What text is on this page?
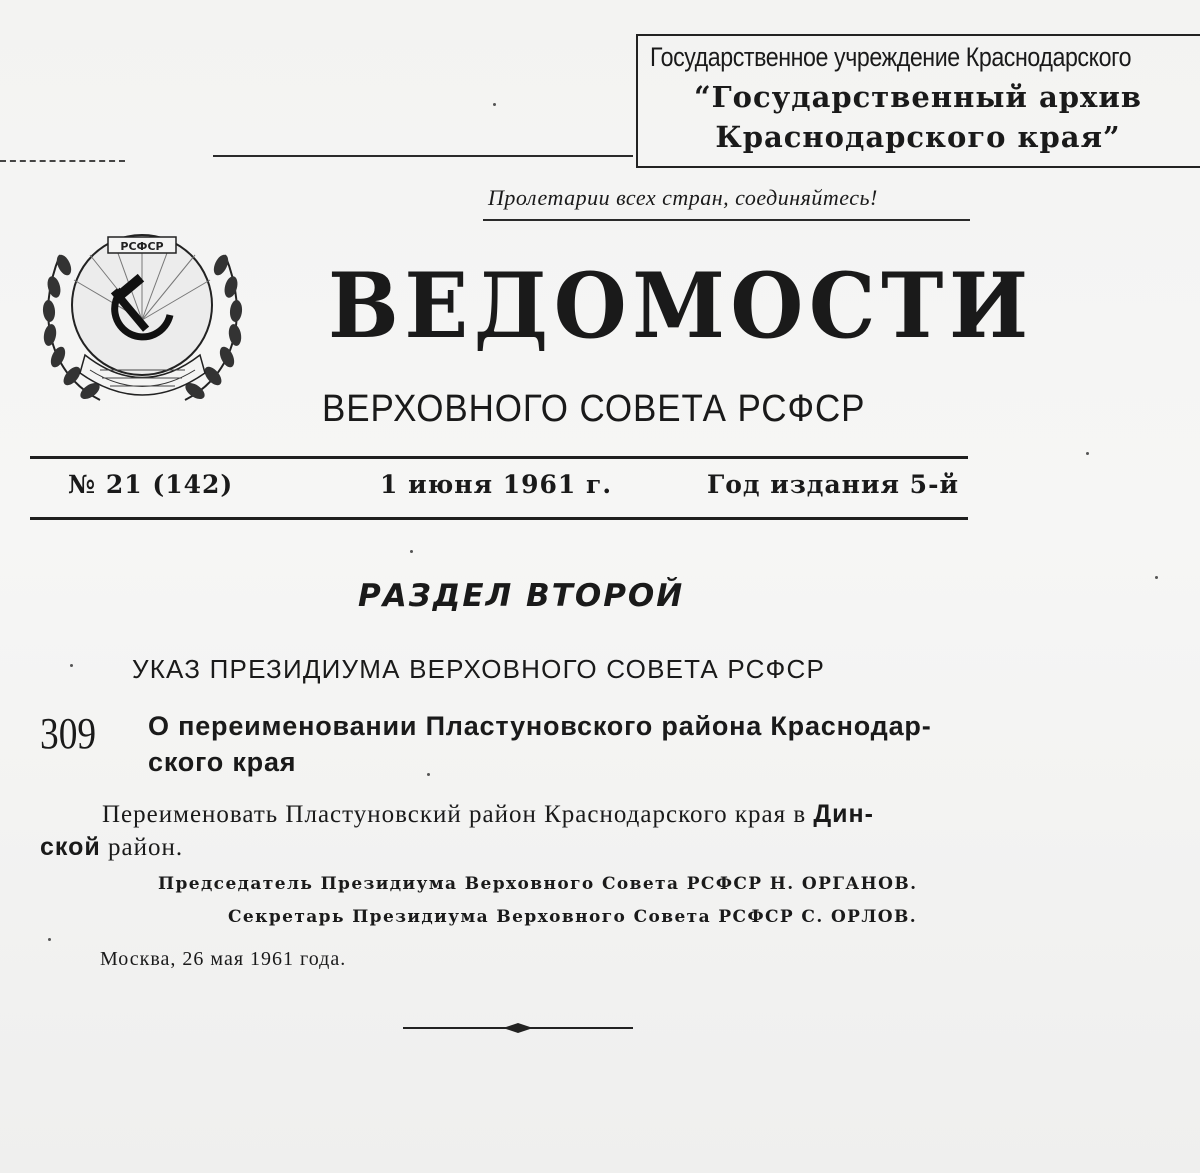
Государственное учреждение Краснодарского
“Государственный архив
Краснодарского края”
Пролетарии всех стран, соединяйтесь!
РСФСР
ВЕДОМОСТИ
ВЕРХОВНОГО СОВЕТА РСФСР
№ 21 (142)	1 июня 1961 г.	Год издания 5-й
РАЗДЕЛ ВТОРОЙ
УКАЗ ПРЕЗИДИУМА ВЕРХОВНОГО СОВЕТА РСФСР
309 О переименовании Пластуновского района Краснодар-
ского края
Переименовать Пластуновский район Краснодарского края в Дин-
ской район.
Председатель Президиума Верховного Совета РСФСР Н. ОРГАНОВ.
Секретарь Президиума Верховного Совета РСФСР С. ОРЛОВ.
Москва, 26 мая 1961 года.
